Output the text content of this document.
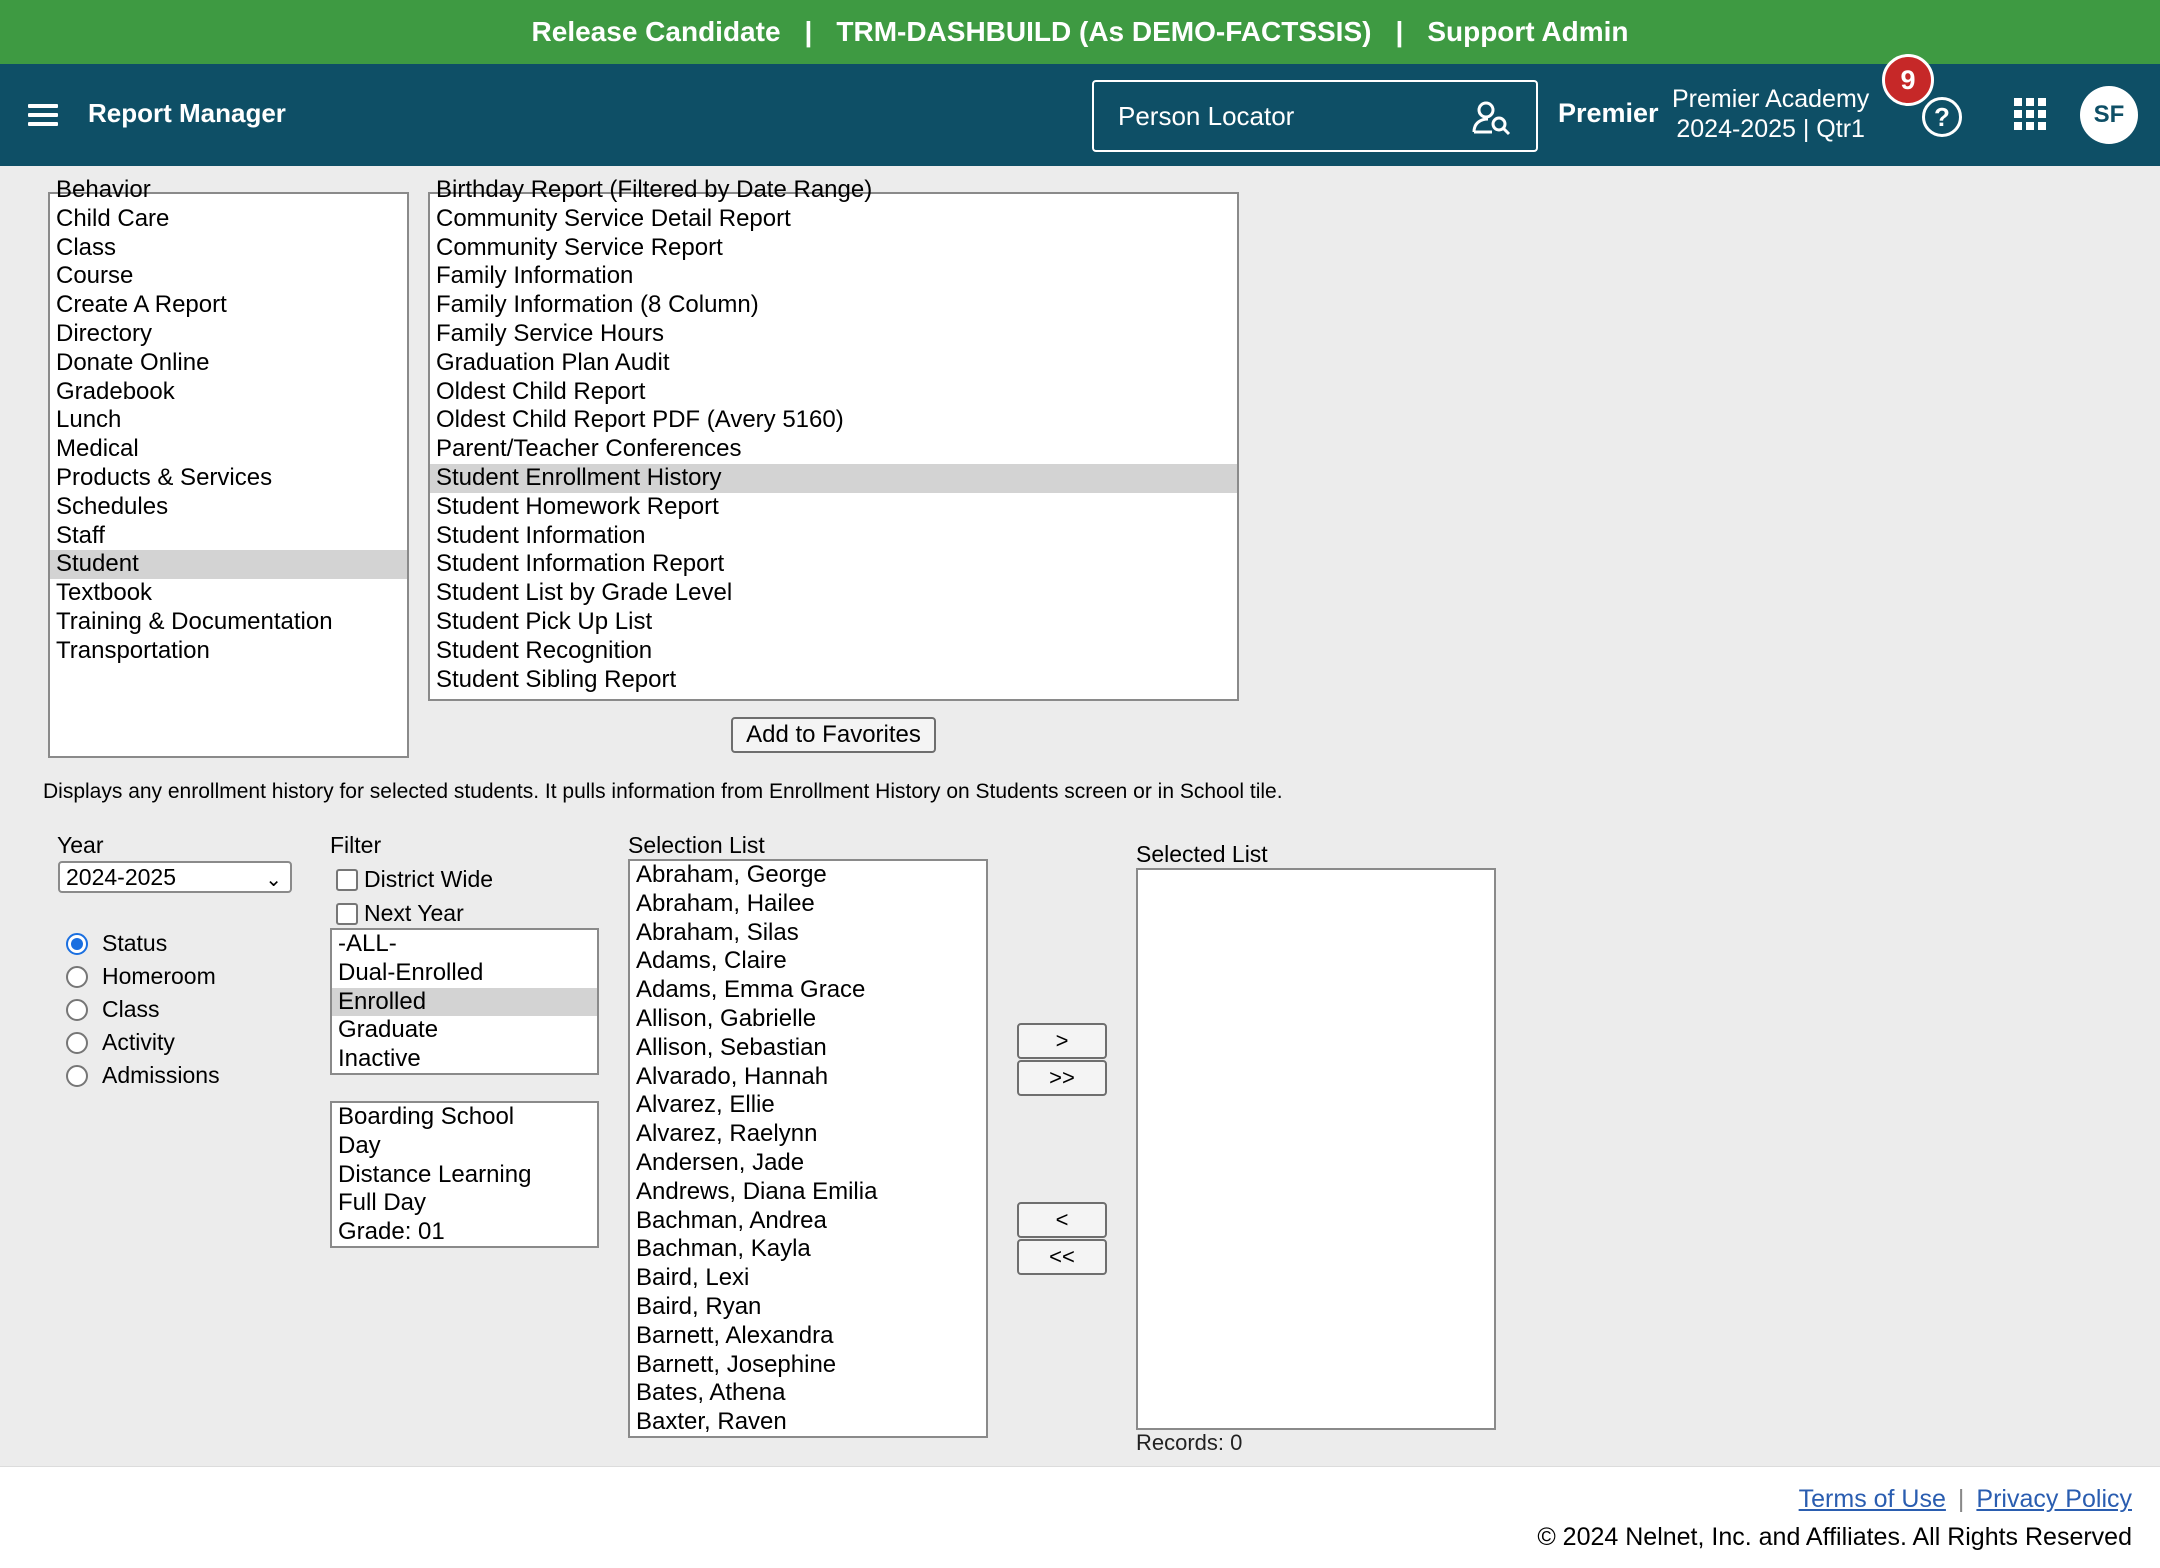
Release Candidate | TRM-DASHBUILD (As DEMO-FACTSSIS) | Support Admin
Report Manager	Person Locator	Premier Premier Academy
2024-2025 | Qtr1	?	SF
9
Behavior
Child Care
Class
Course
Create A Report
Directory
Donate Online
Gradebook
Lunch
Medical
Products & Services
Schedules
Staff
Student
Textbook
Training & Documentation
Transportation
Birthday Report (Filtered by Date Range)
Community Service Detail Report
Community Service Report
Family Information
Family Information (8 Column)
Family Service Hours
Graduation Plan Audit
Oldest Child Report
Oldest Child Report PDF (Avery 5160)
Parent/Teacher Conferences
Student Enrollment History
Student Homework Report
Student Information
Student Information Report
Student List by Grade Level
Student Pick Up List
Student Recognition
Student Sibling Report
Add to Favorites
Displays any enrollment history for selected students. It pulls information from Enrollment History on Students screen or in School tile.
Year
2024-2025	⌄
Status
Homeroom
Class
Activity
Admissions
Filter
District Wide
Next Year
-ALL-
Dual-Enrolled
Enrolled
Graduate
Inactive
Boarding School
Day
Distance Learning
Full Day
Grade: 01
Selection List
Abraham, George
Abraham, Hailee
Abraham, Silas
Adams, Claire
Adams, Emma Grace
Allison, Gabrielle
Allison, Sebastian
Alvarado, Hannah
Alvarez, Ellie
Alvarez, Raelynn
Andersen, Jade
Andrews, Diana Emilia
Bachman, Andrea
Bachman, Kayla
Baird, Lexi
Baird, Ryan
Barnett, Alexandra
Barnett, Josephine
Bates, Athena
Baxter, Raven
>
>>
<
<<
Selected List
Records: 0
Terms of Use | Privacy Policy
© 2024 Nelnet, Inc. and Affiliates. All Rights Reserved
